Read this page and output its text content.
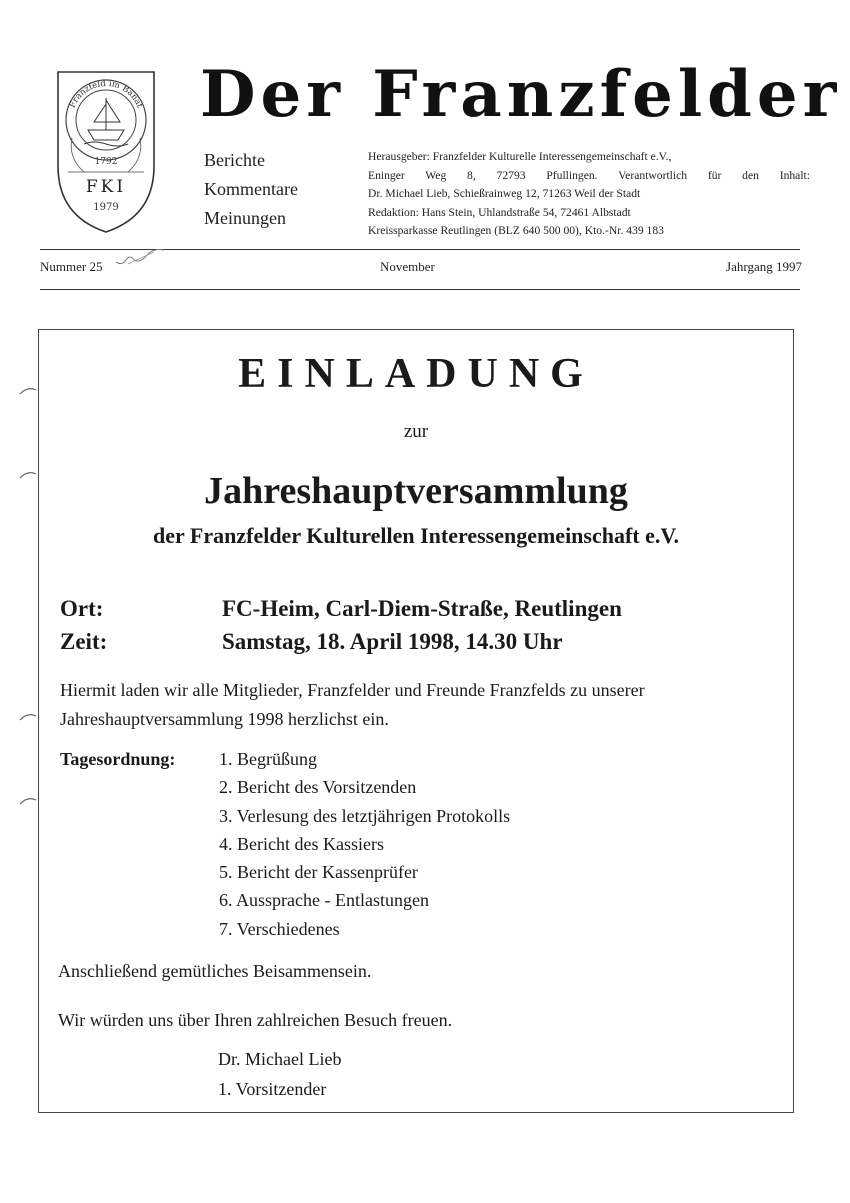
Franzfeld im Banat
1792
FKI
1979
Der Franzfelder
Berichte
Kommentare
Meinungen
Herausgeber: Franzfelder Kulturelle Interessengemeinschaft e.V.,
Eninger Weg 8, 72793 Pfullingen. Verantwortlich für den Inhalt:
Dr. Michael Lieb, Schießrainweg 12, 71263 Weil der Stadt
Redaktion: Hans Stein, Uhlandstraße 54, 72461 Albstadt
Kreissparkasse Reutlingen (BLZ 640 500 00), Kto.-Nr. 439 183
Nummer 25	November	Jahrgang 1997
EINLADUNG
zur
Jahreshauptversammlung
der Franzfelder Kulturellen Interessengemeinschaft e.V.
Ort:	FC-Heim, Carl-Diem-Straße, Reutlingen
Zeit:	Samstag, 18. April 1998, 14.30 Uhr
Hiermit laden wir alle Mitglieder, Franzfelder und Freunde Franzfelds zu unserer Jahreshauptversammlung 1998 herzlichst ein.
Tagesordnung: 1. Begrüßung
2. Bericht des Vorsitzenden
3. Verlesung des letztjährigen Protokolls
4. Bericht des Kassiers
5. Bericht der Kassenprüfer
6. Aussprache - Entlastungen
7. Verschiedenes
Anschließend gemütliches Beisammensein.
Wir würden uns über Ihren zahlreichen Besuch freuen.
Dr. Michael Lieb
1. Vorsitzender
